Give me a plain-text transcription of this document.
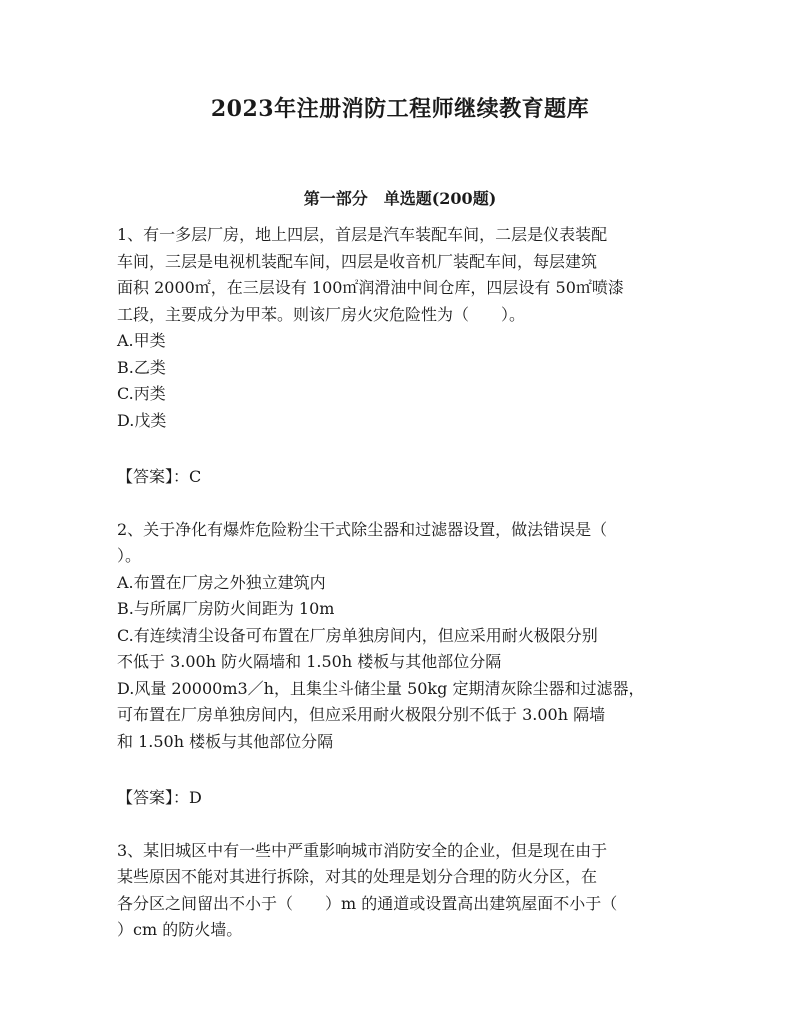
2023年注册消防工程师继续教育题库
第一部分　单选题(200题)
1、有一多层厂房，地上四层，首层是汽车装配车间，二层是仪表装配
车间，三层是电视机装配车间，四层是收音机厂装配车间，每层建筑
面积 2000㎡，在三层设有 100㎡润滑油中间仓库，四层设有 50㎡喷漆
工段，主要成分为甲苯。则该厂房火灾危险性为（　　）。
A.甲类
B.乙类
C.丙类
D.戊类
【答案】：C
2、关于净化有爆炸危险粉尘干式除尘器和过滤器设置，做法错误是（
）。
A.布置在厂房之外独立建筑内
B.与所属厂房防火间距为 10m
C.有连续清尘设备可布置在厂房单独房间内，但应采用耐火极限分别
不低于 3.00h 防火隔墙和 1.50h 楼板与其他部位分隔
D.风量 20000m3／h，且集尘斗储尘量 50kg 定期清灰除尘器和过滤器，
可布置在厂房单独房间内，但应采用耐火极限分别不低于 3.00h 隔墙
和 1.50h 楼板与其他部位分隔
【答案】：D
3、某旧城区中有一些中严重影响城市消防安全的企业，但是现在由于
某些原因不能对其进行拆除，对其的处理是划分合理的防火分区，在
各分区之间留出不小于（　　）m 的通道或设置高出建筑屋面不小于（
）cm 的防火墙。
